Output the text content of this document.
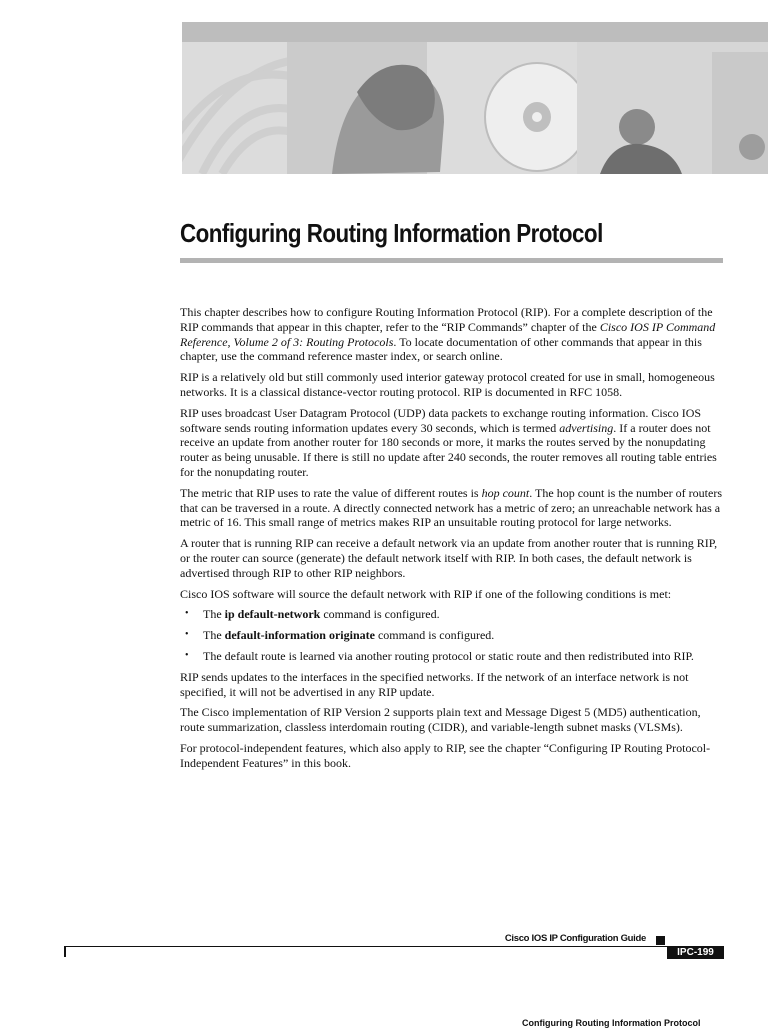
Configuring Routing Information Protocol

This chapter describes how to configure Routing Information Protocol (RIP). For a complete description of the RIP commands that appear in this chapter, refer to the “RIP Commands” chapter of the Cisco IOS IP Command Reference, Volume 2 of 3: Routing Protocols. To locate documentation of other commands that appear in this chapter, use the command reference master index, or search online.

RIP is a relatively old but still commonly used interior gateway protocol created for use in small, homogeneous networks. It is a classical distance-vector routing protocol. RIP is documented in RFC 1058.

RIP uses broadcast User Datagram Protocol (UDP) data packets to exchange routing information. Cisco IOS software sends routing information updates every 30 seconds, which is termed advertising. If a router does not receive an update from another router for 180 seconds or more, it marks the routes served by the nonupdating router as being unusable. If there is still no update after 240 seconds, the router removes all routing table entries for the nonupdating router.

The metric that RIP uses to rate the value of different routes is hop count. The hop count is the number of routers that can be traversed in a route. A directly connected network has a metric of zero; an unreachable network has a metric of 16. This small range of metrics makes RIP an unsuitable routing protocol for large networks.

A router that is running RIP can receive a default network via an update from another router that is running RIP, or the router can source (generate) the default network itself with RIP. In both cases, the default network is advertised through RIP to other RIP neighbors.

Cisco IOS software will source the default network with RIP if one of the following conditions is met:

• The ip default-network command is configured.
• The default-information originate command is configured.
• The default route is learned via another routing protocol or static route and then redistributed into RIP.

RIP sends updates to the interfaces in the specified networks. If the network of an interface network is not specified, it will not be advertised in any RIP update.

The Cisco implementation of RIP Version 2 supports plain text and Message Digest 5 (MD5) authentication, route summarization, classless interdomain routing (CIDR), and variable-length subnet masks (VLSMs).

For protocol-independent features, which also apply to RIP, see the chapter “Configuring IP Routing Protocol-Independent Features” in this book.

Cisco IOS IP Configuration Guide
IPC-199
Configuring Routing Information Protocol
